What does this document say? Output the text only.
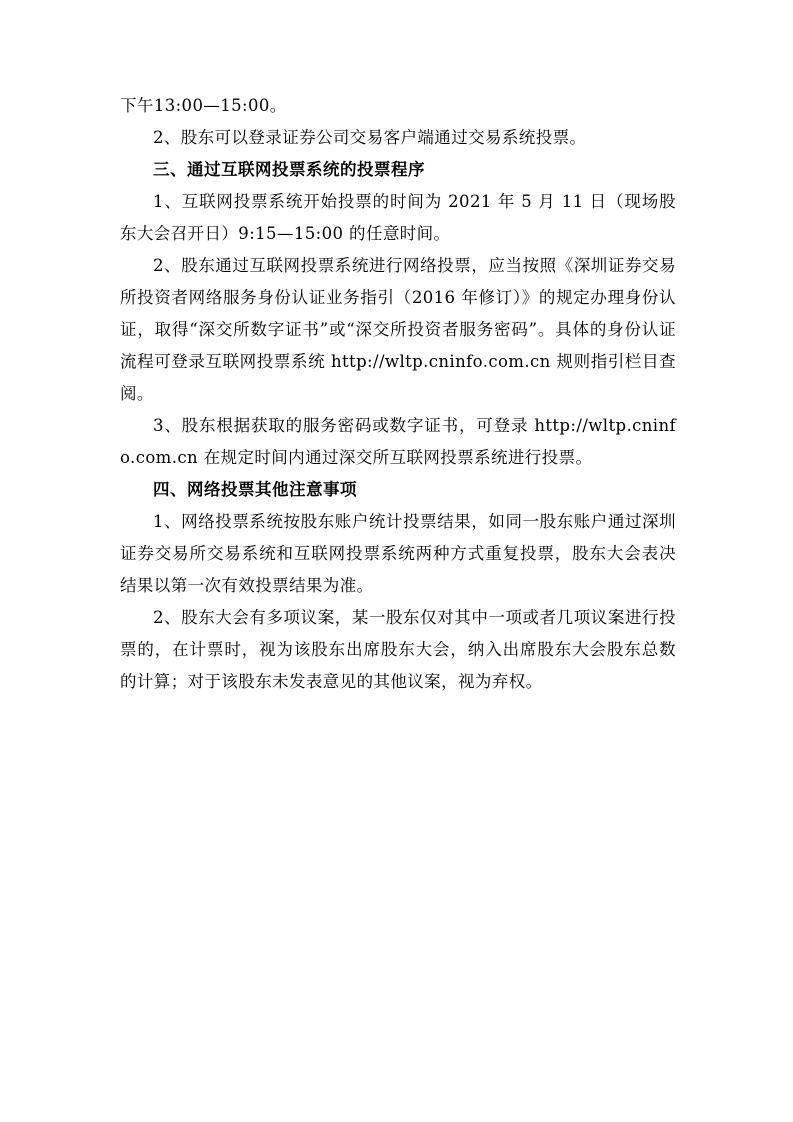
下午13:00—15:00。

2、股东可以登录证券公司交易客户端通过交易系统投票。

三、通过互联网投票系统的投票程序

1、互联网投票系统开始投票的时间为 2021 年 5 月 11 日（现场股东大会召开日）9:15—15:00 的任意时间。

2、股东通过互联网投票系统进行网络投票，应当按照《深圳证券交易所投资者网络服务身份认证业务指引（2016 年修订）》的规定办理身份认证，取得“深交所数字证书”或“深交所投资者服务密码”。具体的身份认证流程可登录互联网投票系统 http://wltp.cninfo.com.cn 规则指引栏目查阅。

3、股东根据获取的服务密码或数字证书，可登录 http://wltp.cninfo.com.cn 在规定时间内通过深交所互联网投票系统进行投票。

四、网络投票其他注意事项

1、网络投票系统按股东账户统计投票结果，如同一股东账户通过深圳证券交易所交易系统和互联网投票系统两种方式重复投票，股东大会表决结果以第一次有效投票结果为准。

2、股东大会有多项议案，某一股东仅对其中一项或者几项议案进行投票的，在计票时，视为该股东出席股东大会，纳入出席股东大会股东总数的计算；对于该股东未发表意见的其他议案，视为弃权。
